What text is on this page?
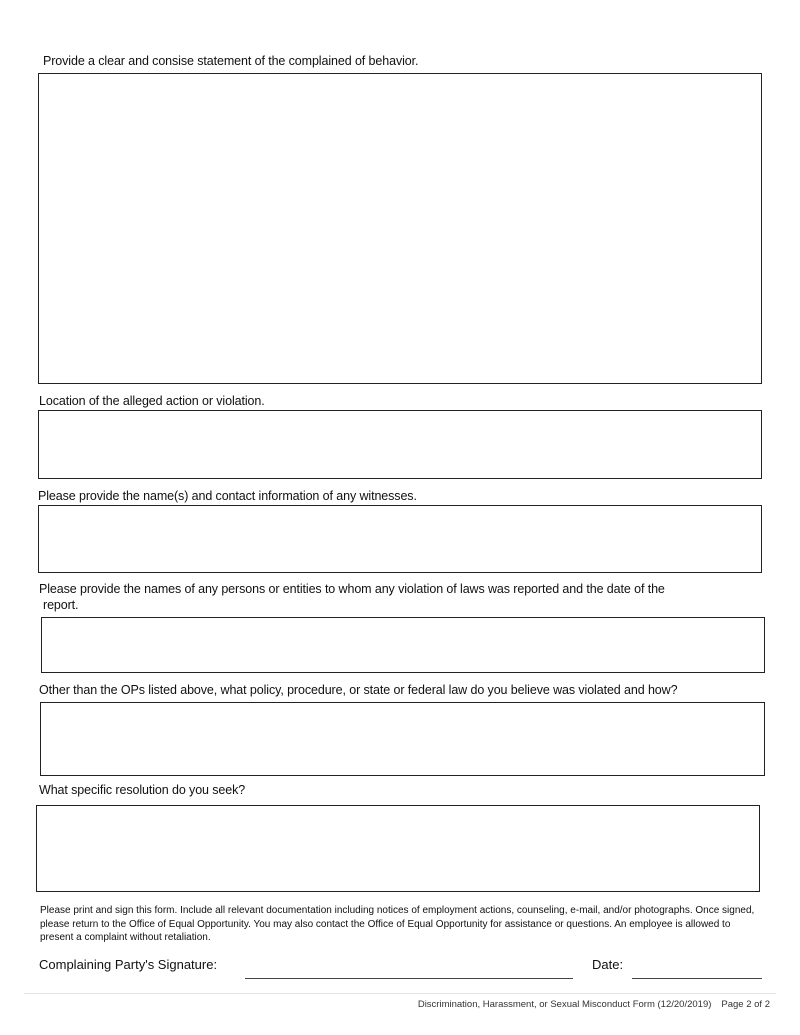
Provide a clear and consise statement of the complained of behavior.
Location of the alleged action or violation.
Please provide the name(s) and contact information of any witnesses.
Please provide the names of any persons or entities to whom any violation of laws was reported and the date of the
report.
Other than the OPs listed above, what policy, procedure, or state or federal law do you believe was violated and how?
What specific resolution do you seek?
Please print and sign this form. Include all relevant documentation including notices of employment actions, counseling, e-mail, and/or photographs. Once signed, please return to the Office of Equal Opportunity. You may also contact the Office of Equal Opportunity for assistance or questions. An employee is allowed to present a complaint without retaliation.
Complaining Party's Signature:	Date:
Discrimination, Harassment, or Sexual Misconduct Form (12/20/2019) Page 2 of 2
